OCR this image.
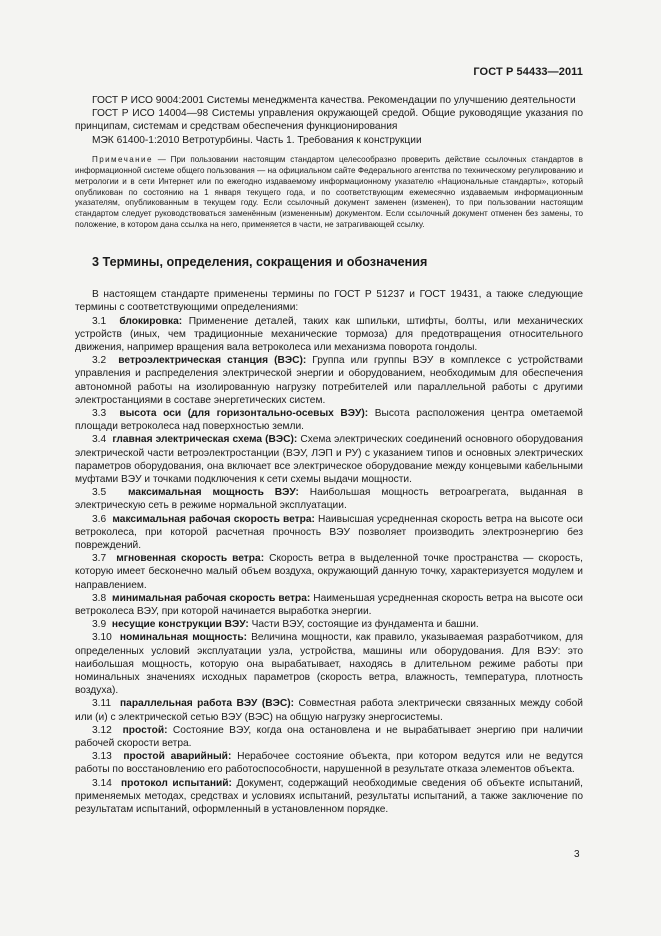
ГОСТ Р 54433—2011

ГОСТ Р ИСО 9004:2001 Системы менеджмента качества. Рекомендации по улучшению деятельности

ГОСТ Р ИСО 14004—98 Системы управления окружающей средой. Общие руководящие указания по принципам, системам и средствам обеспечения функционирования

МЭК 61400-1:2010 Ветротурбины. Часть 1. Требования к конструкции

Примечание — При пользовании настоящим стандартом целесообразно проверить действие ссылочных стандартов в информационной системе общего пользования — на официальном сайте Федерального агентства по техническому регулированию и метрологии и в сети Интернет или по ежегодно издаваемому информационному указателю «Национальные стандарты», который опубликован по состоянию на 1 января текущего года, и по соответствующим ежемесячно издаваемым информационным указателям, опубликованным в текущем году. Если ссылочный документ заменен (изменен), то при пользовании настоящим стандартом следует руководствоваться заменённым (измененным) документом. Если ссылочный документ отменен без замены, то положение, в котором дана ссылка на него, применяется в части, не затрагивающей ссылку.

3 Термины, определения, сокращения и обозначения

В настоящем стандарте применены термины по ГОСТ Р 51237 и ГОСТ 19431, а также следующие термины с соответствующими определениями:

3.1 блокировка: Применение деталей, таких как шпильки, штифты, болты, или механических устройств (иных, чем традиционные механические тормоза) для предотвращения относительного движения, например вращения вала ветроколеса или механизма поворота гондолы.

3.2 ветроэлектрическая станция (ВЭС): Группа или группы ВЭУ в комплексе с устройствами управления и распределения электрической энергии и оборудованием, необходимым для обеспечения автономной работы на изолированную нагрузку потребителей или параллельной работы с другими электростанциями в составе энергетических систем.

3.3 высота оси (для горизонтально-осевых ВЭУ): Высота расположения центра ометаемой площади ветроколеса над поверхностью земли.

3.4 главная электрическая схема (ВЭС): Схема электрических соединений основного оборудования электрической части ветроэлектростанции (ВЭУ, ЛЭП и РУ) с указанием типов и основных электрических параметров оборудования, она включает все электрическое оборудование между концевыми кабельными муфтами ВЭУ и точками подключения к сети схемы выдачи мощности.

3.5 максимальная мощность ВЭУ: Наибольшая мощность ветроагрегата, выданная в электрическую сеть в режиме нормальной эксплуатации.

3.6 максимальная рабочая скорость ветра: Наивысшая усредненная скорость ветра на высоте оси ветроколеса, при которой расчетная прочность ВЭУ позволяет производить электроэнергию без повреждений.

3.7 мгновенная скорость ветра: Скорость ветра в выделенной точке пространства — скорость, которую имеет бесконечно малый объем воздуха, окружающий данную точку, характеризуется модулем и направлением.

3.8 минимальная рабочая скорость ветра: Наименьшая усредненная скорость ветра на высоте оси ветроколеса ВЭУ, при которой начинается выработка энергии.

3.9 несущие конструкции ВЭУ: Части ВЭУ, состоящие из фундамента и башни.

3.10 номинальная мощность: Величина мощности, как правило, указываемая разработчиком, для определенных условий эксплуатации узла, устройства, машины или оборудования. Для ВЭУ: это наибольшая мощность, которую она вырабатывает, находясь в длительном режиме работы при номинальных значениях исходных параметров (скорость ветра, влажность, температура, плотность воздуха).

3.11 параллельная работа ВЭУ (ВЭС): Совместная работа электрически связанных между собой или (и) с электрической сетью ВЭУ (ВЭС) на общую нагрузку энергосистемы.

3.12 простой: Состояние ВЭУ, когда она остановлена и не вырабатывает энергию при наличии рабочей скорости ветра.

3.13 простой аварийный: Нерабочее состояние объекта, при котором ведутся или не ведутся работы по восстановлению его работоспособности, нарушенной в результате отказа элементов объекта.

3.14 протокол испытаний: Документ, содержащий необходимые сведения об объекте испытаний, применяемых методах, средствах и условиях испытаний, результаты испытаний, а также заключение по результатам испытаний, оформленный в установленном порядке.

3
